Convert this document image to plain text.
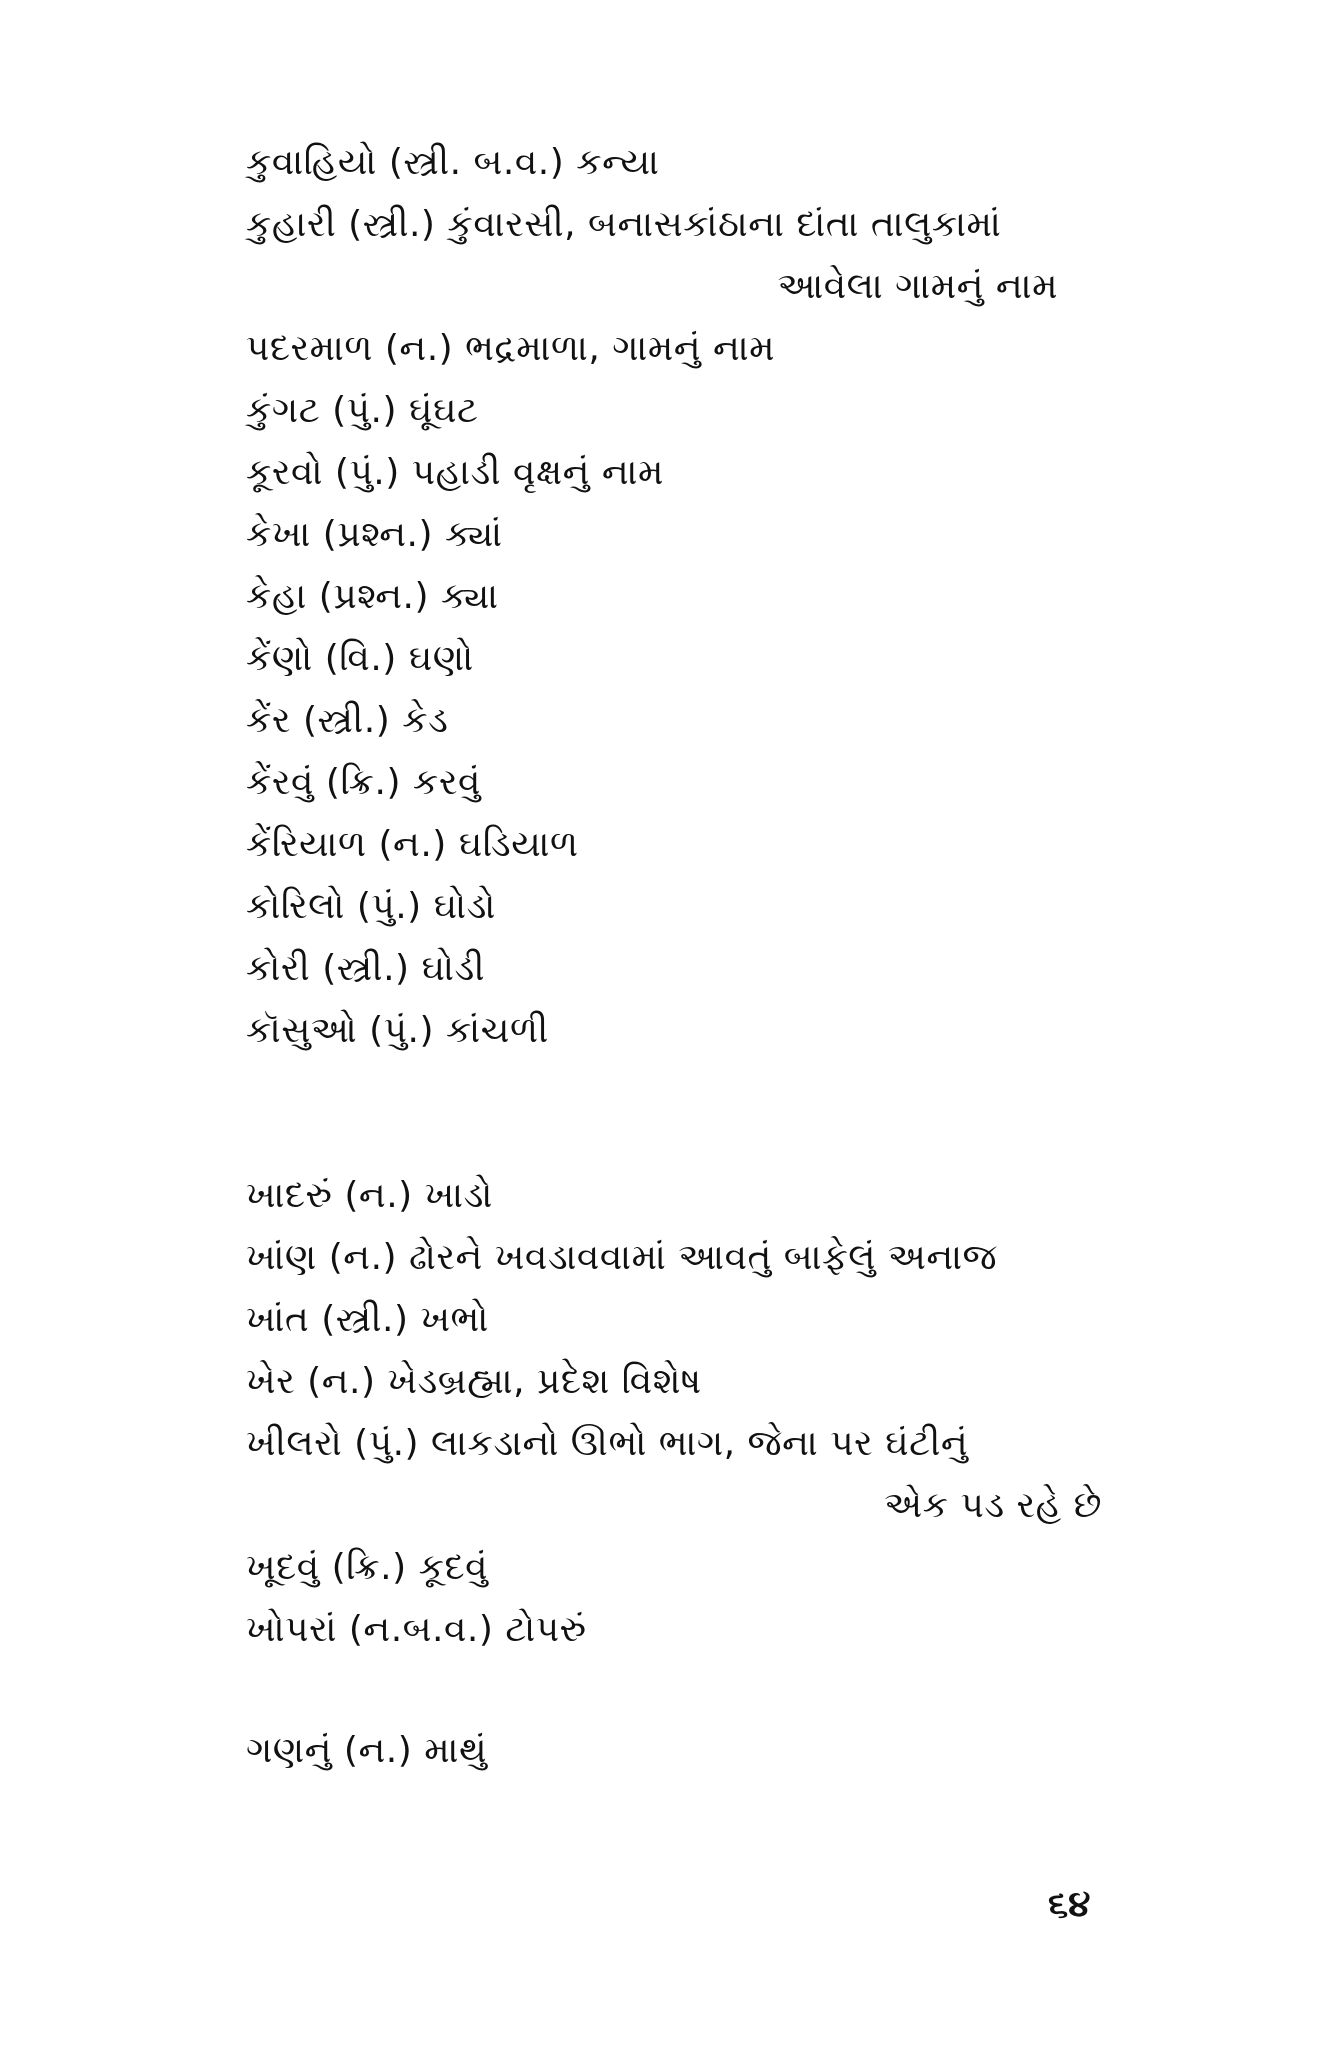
કુવાહિયો (સ્ત્રી. બ.વ.) કન્યા
કુહારી (સ્ત્રી.) કુંવારસી, બનાસકાંઠાના દાંતા તાલુકામાં
આવેલા ગામનું નામ
પદરમાળ (ન.) ભદ્રમાળા, ગામનું નામ
કુંગટ (પું.) ઘૂંઘટ
કૂરવો (પું.) પહાડી વૃક્ષનું નામ
કેખા (પ્રશ્ન.) ક્યાં
કેહા (પ્રશ્ન.) ક્યા
કેંણો (વિ.) ઘણો
કેંર (સ્ત્રી.) કેડ
કેંરવું (ક્રિ.) કરવું
કેંરિયાળ (ન.) ઘડિયાળ
કોરિલો (પું.) ઘોડો
કોરી (સ્ત્રી.) ઘોડી
કૉસુઓ (પું.) કાંચળી
ખાદરું (ન.) ખાડો
ખાંણ (ન.) ઢોરને ખવડાવવામાં આવતું બાફેલું અનાજ
ખાંત (સ્ત્રી.) ખભો
ખેર (ન.) ખેડબ્રહ્મા, પ્રદેશ વિશેષ
ખીલરો (પું.) લાકડાનો ઊભો ભાગ, જેના પર ઘંટીનું
એક પડ રહે છે
ખૂદવું (ક્રિ.) કૂદવું
ખોપરાં (ન.બ.વ.) ટોપરું
ગણનું (ન.) માથું
૬૪
